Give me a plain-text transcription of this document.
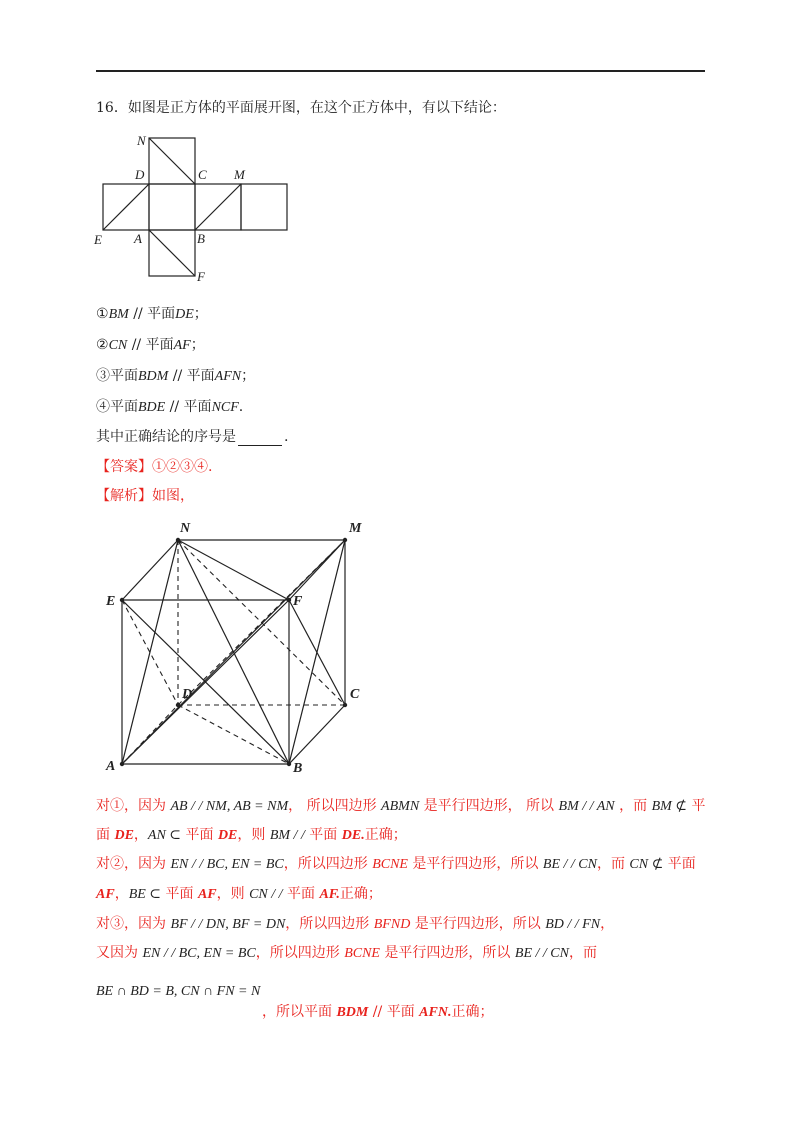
16．如图是正方体的平面展开图，在这个正方体中，有以下结论：
N
D	C M
E A	B
F
①BM // 平面DE；
②CN // 平面AF；
③平面BDM // 平面AFN；
④平面BDE // 平面NCF.
其中正确结论的序号是	.
【答案】①②③④.
【解析】如图，
N	M
E	F
D	C
A	B
对①，因为 AB / / NM, AB = NM， 所以四边形 ABMN 是平行四边形， 所以 BM / / AN ，而 BM ⊄ 平
面 DE，AN ⊂ 平面 DE，则 BM / / 平面 DE.正确；
对②，因为 EN / / BC, EN = BC，所以四边形 BCNE 是平行四边形，所以 BE / / CN，而 CN ⊄ 平面
AF，BE ⊂ 平面 AF，则 CN / / 平面 AF.正确；
对③，因为 BF / / DN, BF = DN，所以四边形 BFND 是平行四边形，所以 BD / / FN，
又因为 EN / / BC, EN = BC，所以四边形 BCNE 是平行四边形，所以 BE / / CN，而
BE ∩ BD = B, CN ∩ FN = N
，所以平面 BDM // 平面 AFN.正确；
